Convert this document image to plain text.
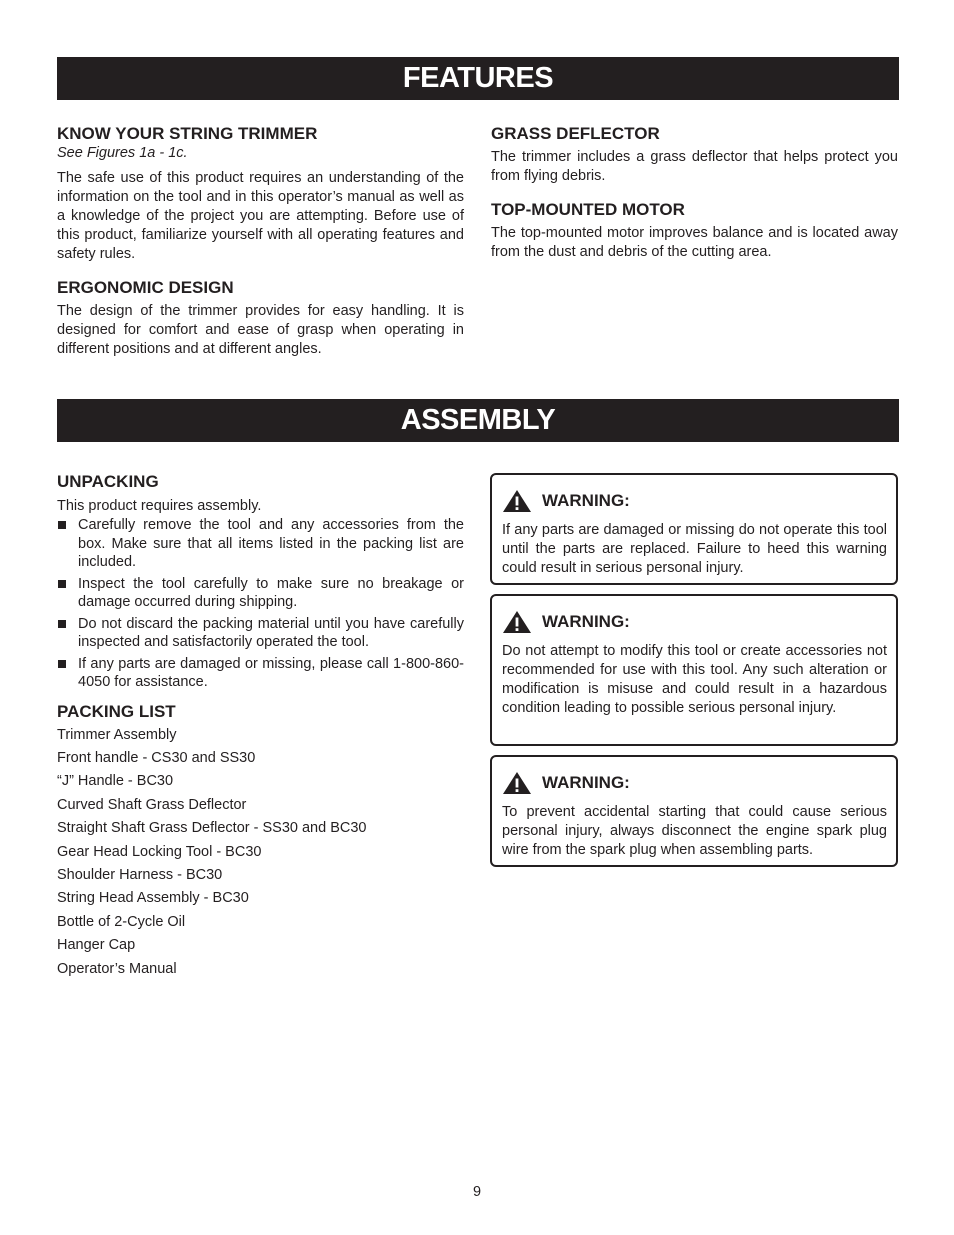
FEATURES
KNOW YOUR STRING TRIMMER
See Figures 1a - 1c.

The safe use of this product requires an understanding of the information on the tool and in this operator’s manual as well as a knowledge of the project you are attempting. Before use of this product, familiarize yourself with all operating features and safety rules.

ERGONOMIC DESIGN

The design of the trimmer provides for easy handling. It is designed for comfort and ease of grasp when operating in different positions and at different angles.

GRASS DEFLECTOR

The trimmer includes a grass deflector that helps protect you from flying debris.

TOP-MOUNTED MOTOR

The top-mounted motor improves balance and is located away from the dust and debris of the cutting area.

ASSEMBLY
UNPACKING

This product requires assembly.

Carefully remove the tool and any accessories from the box. Make sure that all items listed in the packing list are included.
Inspect the tool carefully to make sure no breakage or damage occurred during shipping.
Do not discard the packing material until you have carefully inspected and satisfactorily operated the tool.
If any parts are damaged or missing, please call 1-800-860-4050 for assistance.
PACKING LIST
Trimmer Assembly
Front handle - CS30 and SS30
“J” Handle - BC30
Curved Shaft Grass Deflector
Straight Shaft Grass Deflector - SS30 and BC30
Gear Head Locking Tool - BC30
Shoulder Harness - BC30
String Head Assembly - BC30
Bottle of 2-Cycle Oil
Hanger Cap
Operator’s Manual
WARNING:

If any parts are damaged or missing do not operate this tool until the parts are replaced. Failure to heed this warning could result in serious personal injury.

WARNING:

Do not attempt to modify this tool or create accessories not recommended for use with this tool. Any such alteration or modification is misuse and could result in a hazardous condition leading to possible serious personal injury.

WARNING:

To prevent accidental starting that could cause serious personal injury, always disconnect the engine spark plug wire from the spark plug when assembling parts.

9
